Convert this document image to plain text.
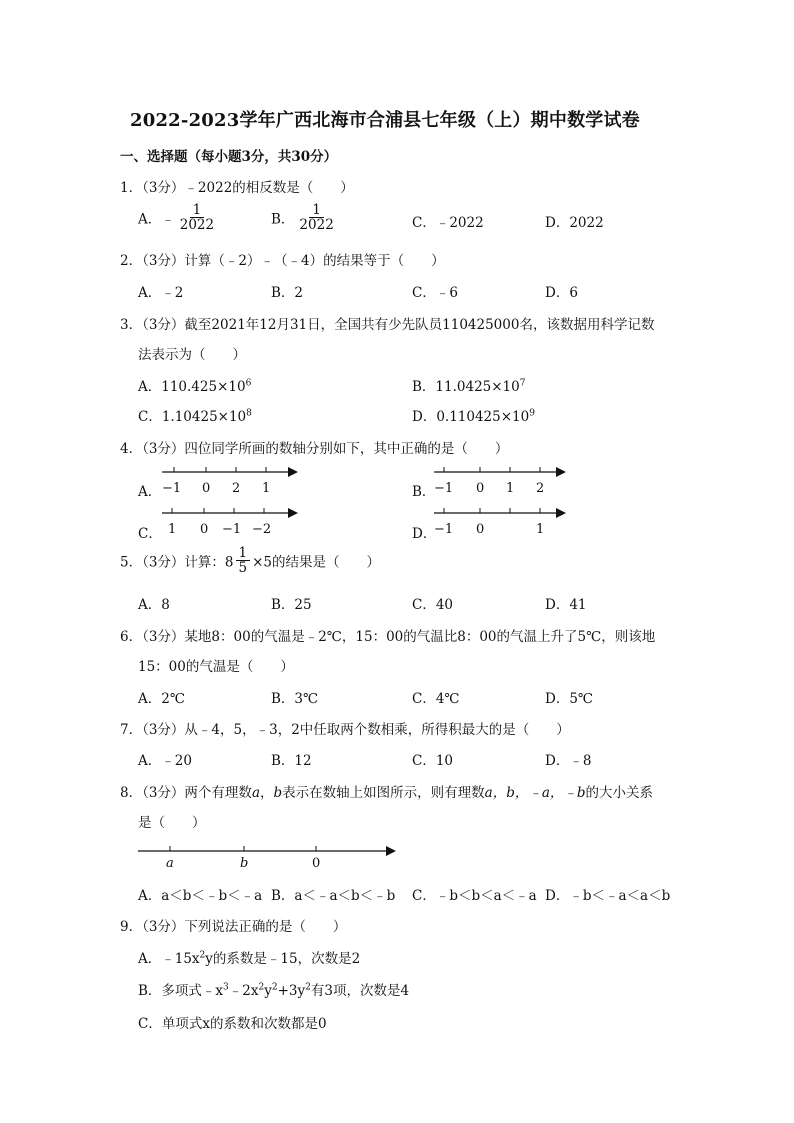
2022-2023学年广西北海市合浦县七年级（上）期中数学试卷
一、选择题（每小题3分，共30分）
1．（3分）﹣2022的相反数是（　　）
A．﹣ $\frac{1}{2022}$	B． $\frac{1}{2022}$	C．﹣2022	D．2022
2．（3分）计算（﹣2）﹣（﹣4）的结果等于（　　）
A．﹣2	B．2	C．﹣6	D．6
3．（3分）截至2021年12月31日，全国共有少先队员110425000名，该数据用科学记数
法表示为（　　）
A．$110.425\times 10^6$	B．$11.0425\times 10^7$
C．$1.10425\times 10^8$	D．$0.110425\times 10^9$
4．（3分）四位同学所画的数轴分别如下，其中正确的是（　　）
A． −1 0 2 1	B．
−1 0 1 2
C． 1 0 −1 −2	D．
−1 0	1
5．（3分）计算：$8 \frac{1}{5} \times 5$的结果是（　　）
A．8	B．25	C．40	D．41
6．（3分）某地8：00的气温是﹣2℃，15：00的气温比8：00的气温上升了5℃，则该地
15：00的气温是（　　）
A．2℃	B．3℃	C．4℃	D．5℃
7．（3分）从﹣4，5，﹣3，2中任取两个数相乘，所得积最大的是（　　）
A．﹣20	B．12	C．10	D．﹣8
8．（3分）两个有理数a，b表示在数轴上如图所示，则有理数a，b，﹣a，﹣b的大小关系
是（　　）
a	b	0
A．a＜b＜﹣b＜﹣a B．a＜﹣a＜b＜﹣b C．﹣b＜b＜a＜﹣a D．﹣b＜﹣a＜a＜b
9．（3分）下列说法正确的是（　　）
A．$﹣15x^2y$的系数是﹣15，次数是2
B．多项式$﹣x^3﹣2x^2y^2+3y^2$有3项，次数是4
C．单项式x的系数和次数都是0
